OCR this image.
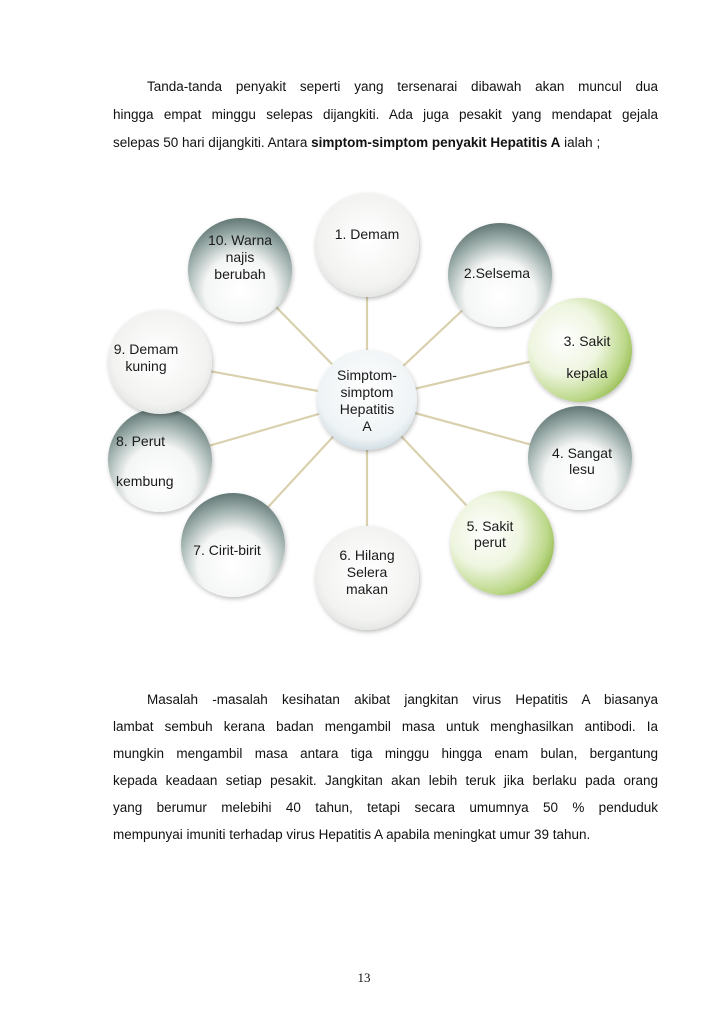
Tanda-tanda penyakit seperti yang tersenarai dibawah akan muncul dua
hingga empat minggu selepas dijangkiti. Ada juga pesakit yang mendapat gejala
selepas 50 hari dijangkiti. Antara simptom-simptom penyakit Hepatitis A ialah ;
1. Demam
2.Selsema
3. Sakit kepala
4. Sangat lesu
5. Sakit perut
6. Hilang Selera makan
7. Cirit-birit
8. Perut kembung
9. Demam kuning
10. Warna najis berubah
Simptom-simptom Hepatitis A
Masalah -masalah kesihatan akibat jangkitan virus Hepatitis A biasanya
lambat sembuh kerana badan mengambil masa untuk menghasilkan antibodi. Ia
mungkin mengambil masa antara tiga minggu hingga enam bulan, bergantung
kepada keadaan setiap pesakit. Jangkitan akan lebih teruk jika berlaku pada orang
yang berumur melebihi 40 tahun, tetapi secara umumnya 50 % penduduk
mempunyai imuniti terhadap virus Hepatitis A apabila meningkat umur 39 tahun.
13
